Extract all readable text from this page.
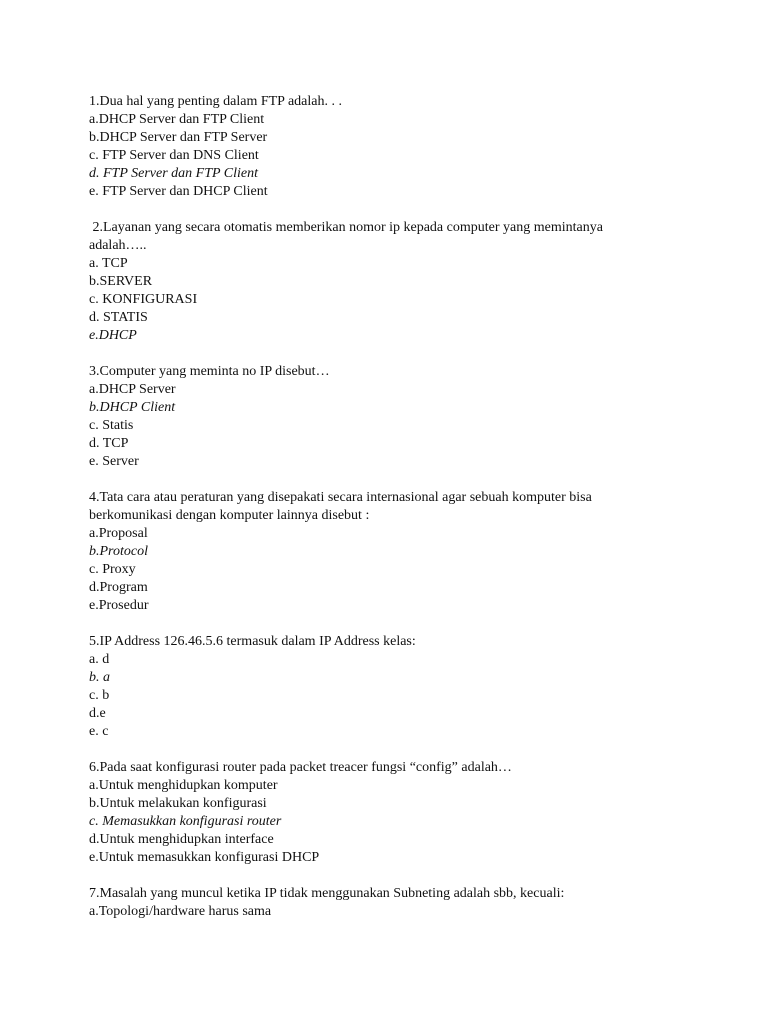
1.Dua hal yang penting dalam FTP adalah. . .
a.DHCP Server dan FTP Client
b.DHCP Server dan FTP Server
c. FTP Server dan DNS Client
d. FTP Server dan FTP Client
e. FTP Server dan DHCP Client
2.Layanan yang secara otomatis memberikan nomor ip kepada computer yang memintanya
adalah…..
a. TCP
b.SERVER
c. KONFIGURASI
d. STATIS
e.DHCP
3.Computer yang meminta no IP disebut…
a.DHCP Server
b.DHCP Client
c. Statis
d. TCP
e. Server
4.Tata cara atau peraturan yang disepakati secara internasional agar sebuah komputer bisa
berkomunikasi dengan komputer lainnya disebut :
a.Proposal
b.Protocol
c. Proxy
d.Program
e.Prosedur
5.IP Address 126.46.5.6 termasuk dalam IP Address kelas:
a. d
b. a
c. b
d.e
e. c
6.Pada saat konfigurasi router pada packet treacer fungsi “config” adalah…
a.Untuk menghidupkan komputer
b.Untuk melakukan konfigurasi
c. Memasukkan konfigurasi router
d.Untuk menghidupkan interface
e.Untuk memasukkan konfigurasi DHCP
7.Masalah yang muncul ketika IP tidak menggunakan Subneting adalah sbb, kecuali:
a.Topologi/hardware harus sama
